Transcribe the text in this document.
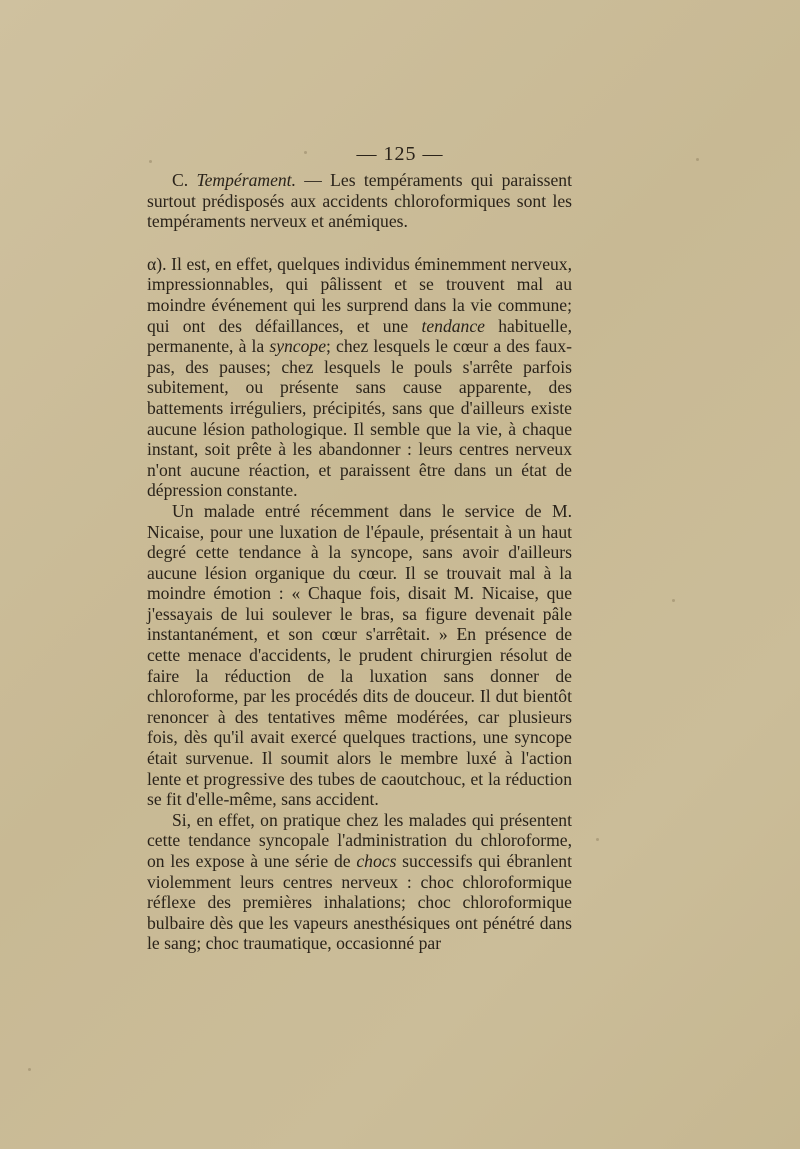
— 125 —

C. Tempérament. — Les tempéraments qui paraissent surtout prédisposés aux accidents chloroformiques sont les tempéraments nerveux et anémiques.

α). Il est, en effet, quelques individus éminemment nerveux, impressionnables, qui pâlissent et se trouvent mal au moindre événement qui les surprend dans la vie commune; qui ont des défaillances, et une tendance habituelle, permanente, à la syncope; chez lesquels le cœur a des faux-pas, des pauses; chez lesquels le pouls s'arrête parfois subitement, ou présente sans cause apparente, des battements irréguliers, précipités, sans que d'ailleurs existe aucune lésion pathologique. Il semble que la vie, à chaque instant, soit prête à les abandonner : leurs centres nerveux n'ont aucune réaction, et paraissent être dans un état de dépression constante.

Un malade entré récemment dans le service de M. Nicaise, pour une luxation de l'épaule, présentait à un haut degré cette tendance à la syncope, sans avoir d'ailleurs aucune lésion organique du cœur. Il se trouvait mal à la moindre émotion : « Chaque fois, disait M. Nicaise, que j'essayais de lui soulever le bras, sa figure devenait pâle instantanément, et son cœur s'arrêtait. » En présence de cette menace d'accidents, le prudent chirurgien résolut de faire la réduction de la luxation sans donner de chloroforme, par les procédés dits de douceur. Il dut bientôt renoncer à des tentatives même modérées, car plusieurs fois, dès qu'il avait exercé quelques tractions, une syncope était survenue. Il soumit alors le membre luxé à l'action lente et progressive des tubes de caoutchouc, et la réduction se fit d'elle-même, sans accident.

Si, en effet, on pratique chez les malades qui présentent cette tendance syncopale l'administration du chloroforme, on les expose à une série de chocs successifs qui ébranlent violemment leurs centres nerveux : choc chloroformique réflexe des premières inhalations; choc chloroformique bulbaire dès que les vapeurs anesthésiques ont pénétré dans le sang; choc traumatique, occasionné par
